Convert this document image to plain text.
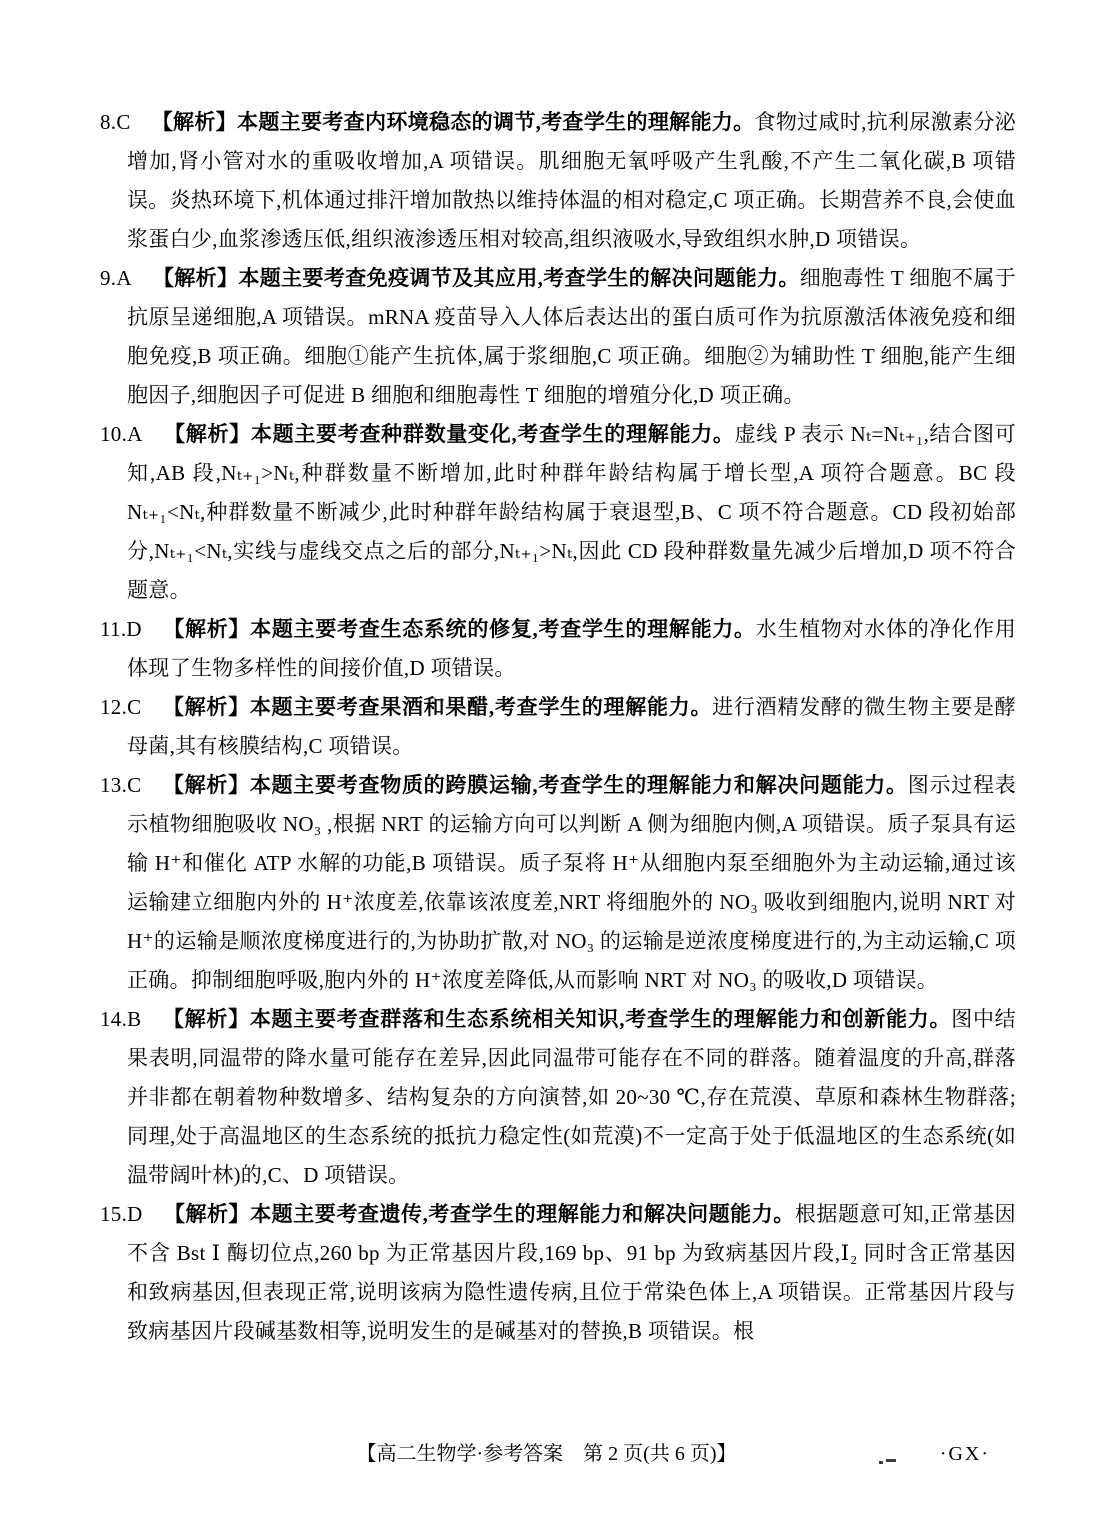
8.C 【解析】本题主要考查内环境稳态的调节,考查学生的理解能力。食物过咸时,抗利尿激素分泌增加,肾小管对水的重吸收增加,A 项错误。肌细胞无氧呼吸产生乳酸,不产生二氧化碳,B 项错误。炎热环境下,机体通过排汗增加散热以维持体温的相对稳定,C 项正确。长期营养不良,会使血浆蛋白少,血浆渗透压低,组织液渗透压相对较高,组织液吸水,导致组织水肿,D 项错误。
9.A 【解析】本题主要考查免疫调节及其应用,考查学生的解决问题能力。细胞毒性 T 细胞不属于抗原呈递细胞,A 项错误。mRNA 疫苗导入人体后表达出的蛋白质可作为抗原激活体液免疫和细胞免疫,B 项正确。细胞①能产生抗体,属于浆细胞,C 项正确。细胞②为辅助性 T 细胞,能产生细胞因子,细胞因子可促进 B 细胞和细胞毒性 T 细胞的增殖分化,D 项正确。
10.A 【解析】本题主要考查种群数量变化,考查学生的理解能力。虚线 P 表示 Nₜ=Nₜ₊₁,结合图可知,AB 段,Nₜ₊₁>Nₜ,种群数量不断增加,此时种群年龄结构属于增长型,A 项符合题意。BC 段 Nₜ₊₁<Nₜ,种群数量不断减少,此时种群年龄结构属于衰退型,B、C 项不符合题意。CD 段初始部分,Nₜ₊₁<Nₜ,实线与虚线交点之后的部分,Nₜ₊₁>Nₜ,因此 CD 段种群数量先减少后增加,D 项不符合题意。
11.D 【解析】本题主要考查生态系统的修复,考查学生的理解能力。水生植物对水体的净化作用体现了生物多样性的间接价值,D 项错误。
12.C 【解析】本题主要考查果酒和果醋,考查学生的理解能力。进行酒精发酵的微生物主要是酵母菌,其有核膜结构,C 项错误。
13.C 【解析】本题主要考查物质的跨膜运输,考查学生的理解能力和解决问题能力。图示过程表示植物细胞吸收 NO₃ ,根据 NRT 的运输方向可以判断 A 侧为细胞内侧,A 项错误。质子泵具有运输 H⁺和催化 ATP 水解的功能,B 项错误。质子泵将 H⁺从细胞内泵至细胞外为主动运输,通过该运输建立细胞内外的 H⁺浓度差,依靠该浓度差,NRT 将细胞外的 NO₃ 吸收到细胞内,说明 NRT 对 H⁺的运输是顺浓度梯度进行的,为协助扩散,对 NO₃ 的运输是逆浓度梯度进行的,为主动运输,C 项正确。抑制细胞呼吸,胞内外的 H⁺浓度差降低,从而影响 NRT 对 NO₃ 的吸收,D 项错误。
14.B 【解析】本题主要考查群落和生态系统相关知识,考查学生的理解能力和创新能力。图中结果表明,同温带的降水量可能存在差异,因此同温带可能存在不同的群落。随着温度的升高,群落并非都在朝着物种数增多、结构复杂的方向演替,如 20~30 ℃,存在荒漠、草原和森林生物群落;同理,处于高温地区的生态系统的抵抗力稳定性(如荒漠)不一定高于处于低温地区的生态系统(如温带阔叶林)的,C、D 项错误。
15.D 【解析】本题主要考查遗传,考查学生的理解能力和解决问题能力。根据题意可知,正常基因不含 Bst Ⅰ 酶切位点,260 bp 为正常基因片段,169 bp、91 bp 为致病基因片段,Ⅰ₂ 同时含正常基因和致病基因,但表现正常,说明该病为隐性遗传病,且位于常染色体上,A 项错误。正常基因片段与致病基因片段碱基数相等,说明发生的是碱基对的替换,B 项错误。根
【高二生物学·参考答案　第 2 页(共 6 页)】	·GX·
